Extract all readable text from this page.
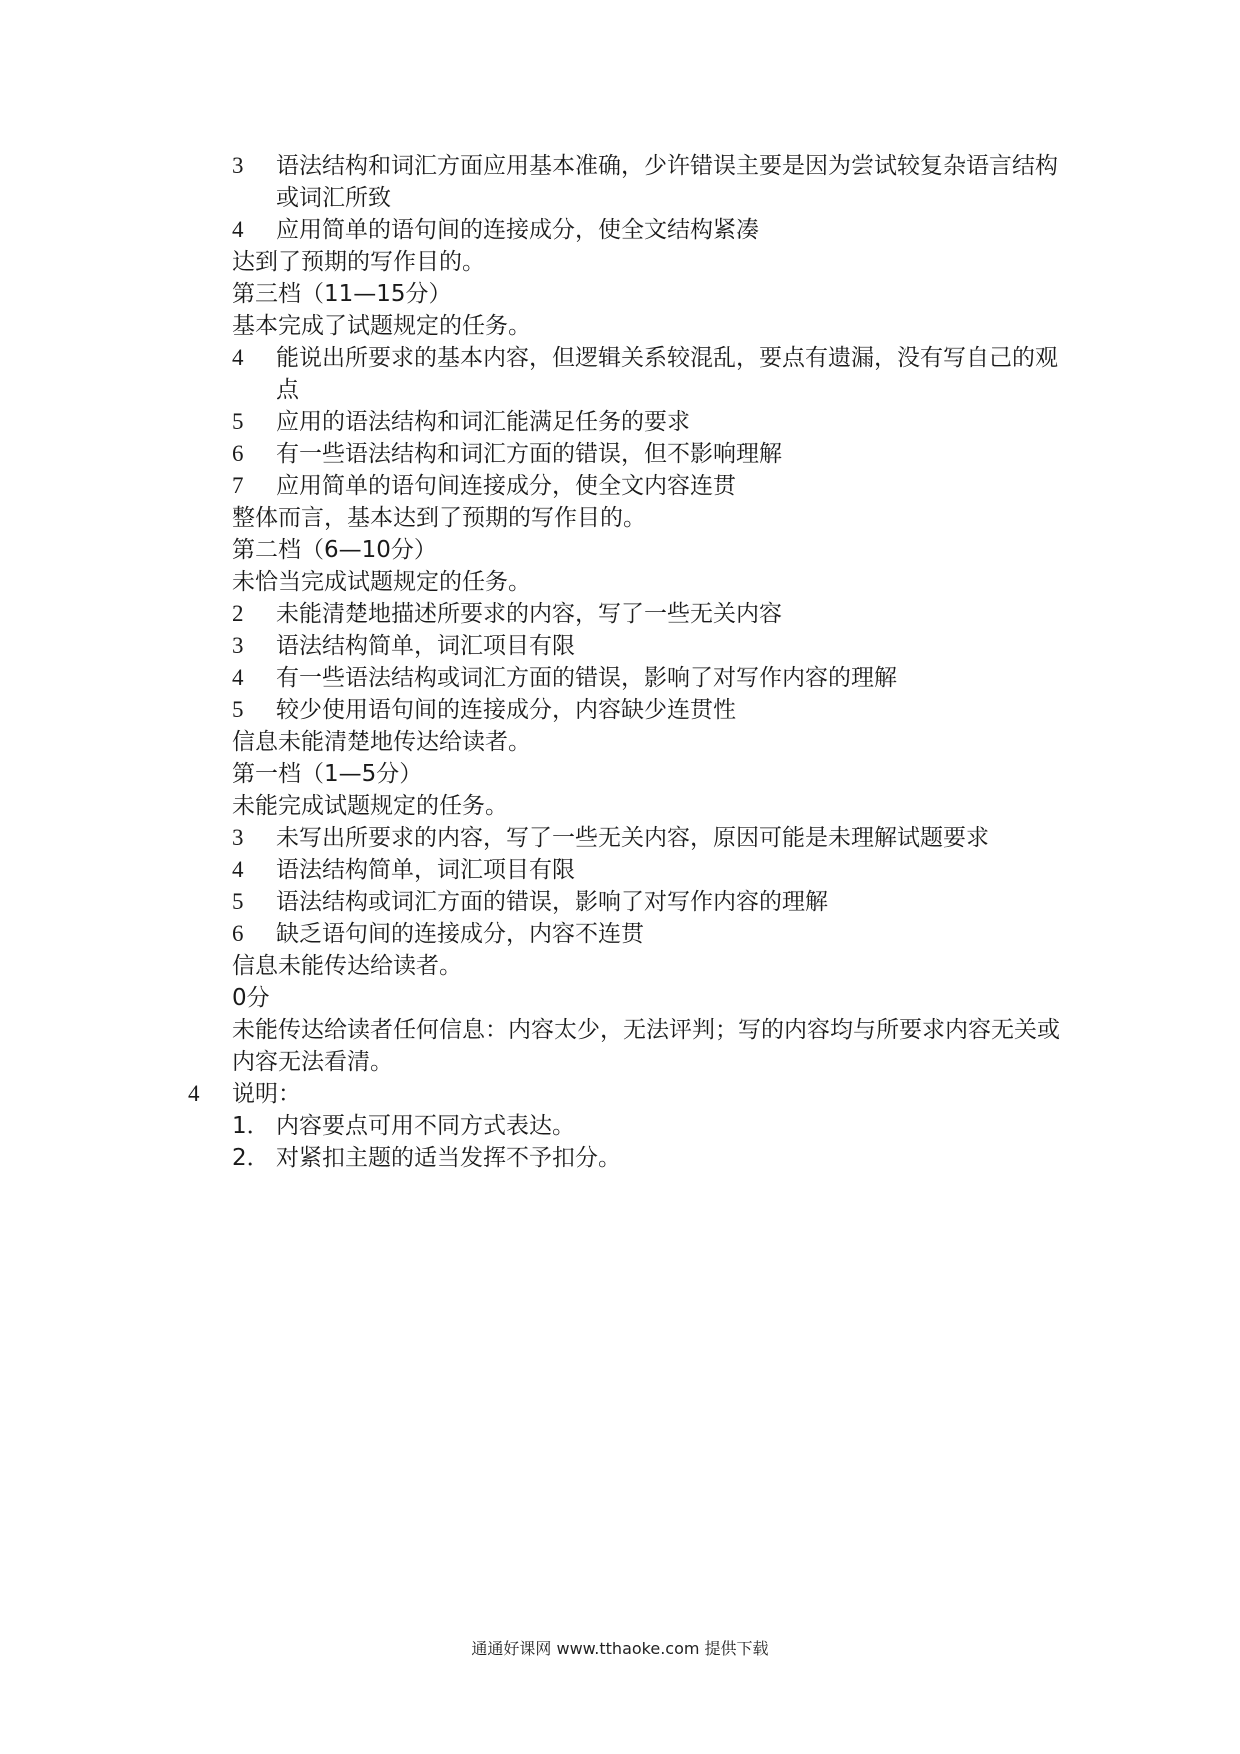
3	语法结构和词汇方面应用基本准确，少许错误主要是因为尝试较复杂语言结构或词汇所致
4	应用简单的语句间的连接成分，使全文结构紧凑
达到了预期的写作目的。
第三档（11—15分）
基本完成了试题规定的任务。
4	能说出所要求的基本内容，但逻辑关系较混乱，要点有遗漏，没有写自己的观点
5	应用的语法结构和词汇能满足任务的要求
6	有一些语法结构和词汇方面的错误，但不影响理解
7	应用简单的语句间连接成分，使全文内容连贯
整体而言，基本达到了预期的写作目的。
第二档（6—10分）
未恰当完成试题规定的任务。
2	未能清楚地描述所要求的内容，写了一些无关内容
3	语法结构简单，词汇项目有限
4	有一些语法结构或词汇方面的错误，影响了对写作内容的理解
5	较少使用语句间的连接成分，内容缺少连贯性
信息未能清楚地传达给读者。
第一档（1—5分）
未能完成试题规定的任务。
3	未写出所要求的内容，写了一些无关内容，原因可能是未理解试题要求
4	语法结构简单，词汇项目有限
5	语法结构或词汇方面的错误，影响了对写作内容的理解
6	缺乏语句间的连接成分，内容不连贯
信息未能传达给读者。
0分
未能传达给读者任何信息：内容太少，无法评判；写的内容均与所要求内容无关或内容无法看清。
4	说明：
1． 内容要点可用不同方式表达。
2． 对紧扣主题的适当发挥不予扣分。
通通好课网 www.tthaoke.com 提供下载
